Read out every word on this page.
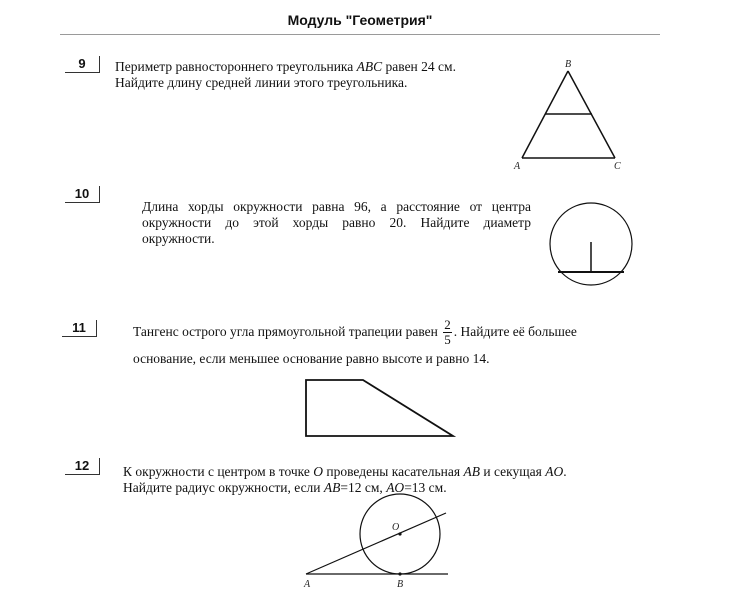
Модуль "Геометрия"
9	Периметр равностороннего треугольника ABC равен 24 см.
Найдите длину средней линии этого треугольника.
B
A	C
10
Длина хорды окружности равна 96, а расстояние от центра
окружности до этой хорды равно 20. Найдите диаметр
окружности.
11	Тангенс острого угла прямоугольной трапеции равен $\frac{2}{5}$ . Найдите её большее
основание, если меньшее основание равно высоте и равно 14.
12	К окружности с центром в точке O проведены касательная AB и секущая AO.
Найдите радиус окружности, если AB=12 см, AO=13 см.
O
A	B
